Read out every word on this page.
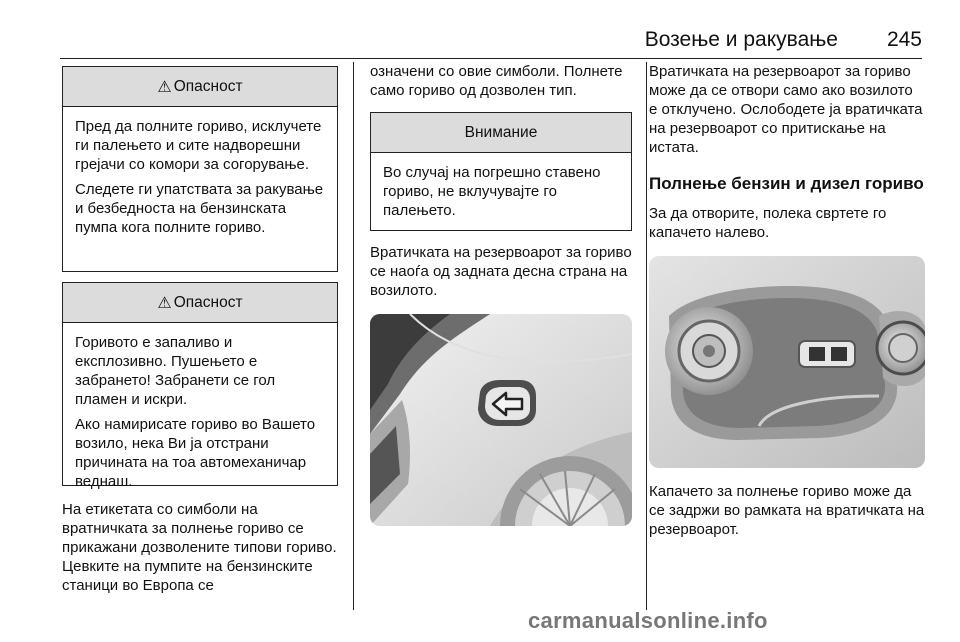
Возење и ракување 245
⚠ Опасност

Пред да полните гориво, исклучете ги палењето и сите надворешни грејачи со комори за согорување.

Следете ги упатствата за ракување и безбедноста на бензинската пумпа кога полните гориво.

⚠ Опасност

Горивото е запаливо и експлозивно. Пушењето е забрането! Забранети се гол пламен и искри.

Ако намирисате гориво во Вашето возило, нека Ви ја отстрани причината на тоа автомеханичар веднаш.

На етикетата со симболи на вратничката за полнење гориво се прикажани дозволените типови гориво. Цевките на пумпите на бензинските станици во Европа се

означени со овие симболи. Полнете само гориво од дозволен тип.

Внимание

Во случај на погрешно ставено гориво, не вклучувајте го палењето.

Вратичката на резервоарот за гориво се наоѓа од задната десна страна на возилото.

Вратичката на резервоарот за гориво може да се отвори само ако возилото е отклучено. Ослободете ја вратичката на резервоарот со притискање на истата.

Полнење бензин и дизел гориво

За да отворите, полека свртете го капачето налево.

Капачето за полнење гориво може да се задржи во рамката на вратичката на резервоарот.

carmanualsonline.info
